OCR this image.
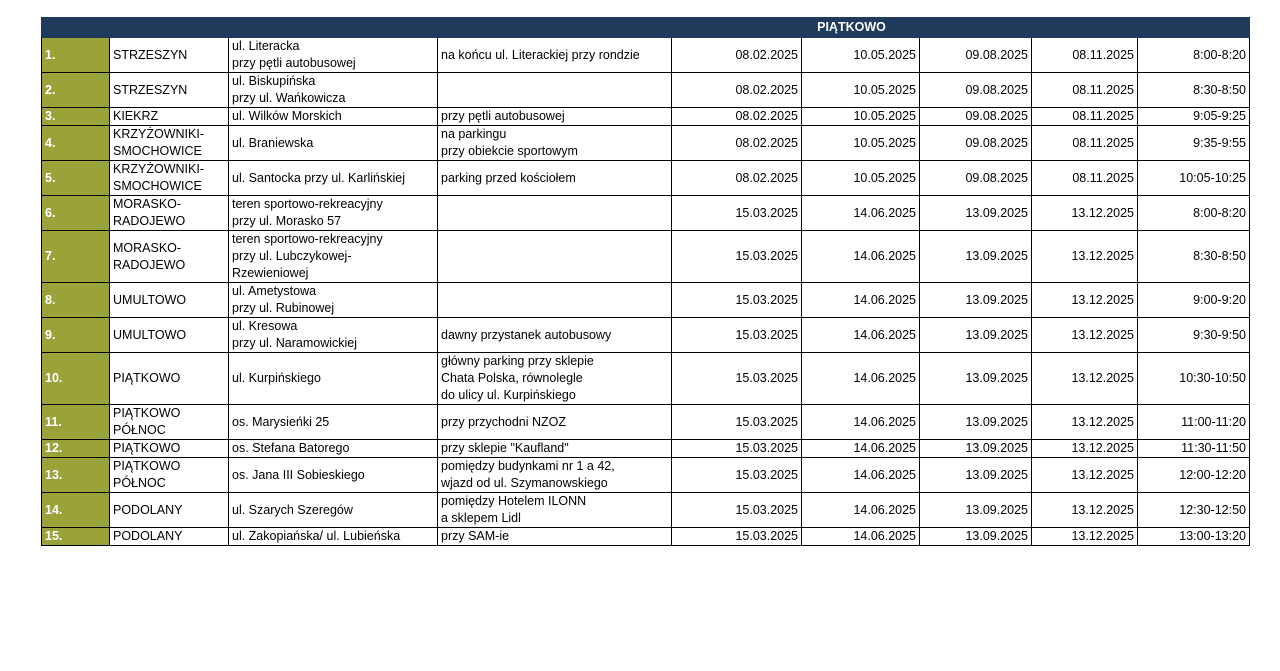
				PIĄTKOWO				
1.	STRZESZYN	ul. Literacka
przy pętli autobusowej	na końcu ul. Literackiej przy rondzie	08.02.2025	10.05.2025	09.08.2025	08.11.2025	8:00-8:20
2.	STRZESZYN	ul. Biskupińska
przy ul. Wańkowicza		08.02.2025	10.05.2025	09.08.2025	08.11.2025	8:30-8:50
3.	KIEKRZ	ul. Wilków Morskich	przy pętli autobusowej	08.02.2025	10.05.2025	09.08.2025	08.11.2025	9:05-9:25
4.	KRZYŻOWNIKI-
SMOCHOWICE	ul. Braniewska	na parkingu
przy obiekcie sportowym	08.02.2025	10.05.2025	09.08.2025	08.11.2025	9:35-9:55
5.	KRZYŻOWNIKI-
SMOCHOWICE	ul. Santocka przy ul. Karlińskiej	parking przed kościołem	08.02.2025	10.05.2025	09.08.2025	08.11.2025	10:05-10:25
6.	MORASKO-
RADOJEWO	teren sportowo-rekreacyjny
przy ul. Morasko 57		15.03.2025	14.06.2025	13.09.2025	13.12.2025	8:00-8:20
7.	MORASKO-
RADOJEWO	teren sportowo-rekreacyjny
przy ul. Lubczykowej-
Rzewieniowej		15.03.2025	14.06.2025	13.09.2025	13.12.2025	8:30-8:50
8.	UMULTOWO	ul. Ametystowa
przy ul. Rubinowej		15.03.2025	14.06.2025	13.09.2025	13.12.2025	9:00-9:20
9.	UMULTOWO	ul. Kresowa
przy ul. Naramowickiej	dawny przystanek autobusowy	15.03.2025	14.06.2025	13.09.2025	13.12.2025	9:30-9:50
10.	PIĄTKOWO	ul. Kurpińskiego	główny parking przy sklepie
Chata Polska, równolegle
do ulicy ul. Kurpińskiego	15.03.2025	14.06.2025	13.09.2025	13.12.2025	10:30-10:50
11.	PIĄTKOWO
PÓŁNOC	os. Marysieńki 25	przy przychodni NZOZ	15.03.2025	14.06.2025	13.09.2025	13.12.2025	11:00-11:20
12.	PIĄTKOWO	os. Stefana Batorego	przy sklepie "Kaufland"	15.03.2025	14.06.2025	13.09.2025	13.12.2025	11:30-11:50
13.	PIĄTKOWO
PÓŁNOC	os. Jana III Sobieskiego	pomiędzy budynkami nr 1 a 42,
wjazd od ul. Szymanowskiego	15.03.2025	14.06.2025	13.09.2025	13.12.2025	12:00-12:20
14.	PODOLANY	ul. Szarych Szeregów	pomiędzy Hotelem ILONN
a sklepem Lidl	15.03.2025	14.06.2025	13.09.2025	13.12.2025	12:30-12:50
15.	PODOLANY	ul. Zakopiańska/ ul. Lubieńska	przy SAM-ie	15.03.2025	14.06.2025	13.09.2025	13.12.2025	13:00-13:20
